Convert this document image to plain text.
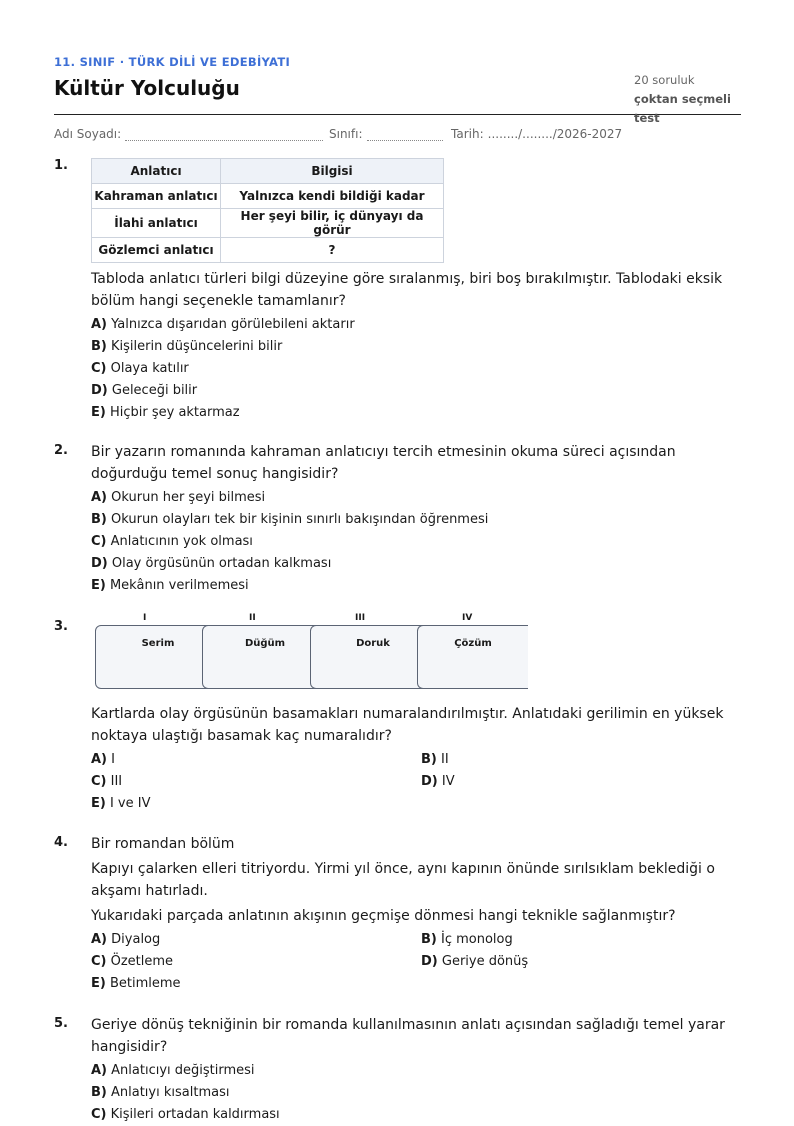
11. SINIF · TÜRK DİLİ VE EDEBİYATI
Kültür Yolculuğu	20 soruluk
çoktan seçmeli test
Adı Soyadı:	Sınıfı:	Tarih: ......../......../2026-2027
1.	Anlatıcı	Bilgisi
Kahraman anlatıcı	Yalnızca kendi bildiği kadar
İlahi anlatıcı	Her şeyi bilir, iç dünyayı da görür
Gözlemci anlatıcı	?
Tabloda anlatıcı türleri bilgi düzeyine göre sıralanmış, biri boş bırakılmıştır. Tablodaki eksik bölüm hangi seçenekle tamamlanır?
A) Yalnızca dışarıdan görülebileni aktarır
B) Kişilerin düşüncelerini bilir
C) Olaya katılır
D) Geleceği bilir
E) Hiçbir şey aktarmaz
2. Bir yazarın romanında kahraman anlatıcıyı tercih etmesinin okuma süreci açısından doğurduğu temel sonuç hangisidir?
A) Okurun her şeyi bilmesi
B) Okurun olayları tek bir kişinin sınırlı bakışından öğrenmesi
C) Anlatıcının yok olması
D) Olay örgüsünün ortadan kalkması
E) Mekânın verilmemesi
3.
I	II	III	IV
Serim	Düğüm	Doruk	Çözüm
Kartlarda olay örgüsünün basamakları numaralandırılmıştır. Anlatıdaki gerilimin en yüksek noktaya ulaştığı basamak kaç numaralıdır?
A) I	B) II
C) III	D) IV
E) I ve IV
4. Bir romandan bölüm
Kapıyı çalarken elleri titriyordu. Yirmi yıl önce, aynı kapının önünde sırılsıklam beklediği o akşamı hatırladı.
Yukarıdaki parçada anlatının akışının geçmişe dönmesi hangi teknikle sağlanmıştır?
A) Diyalog	B) İç monolog
C) Özetleme	D) Geriye dönüş
E) Betimleme
5. Geriye dönüş tekniğinin bir romanda kullanılmasının anlatı açısından sağladığı temel yarar hangisidir?
A) Anlatıcıyı değiştirmesi
B) Anlatıyı kısaltması
C) Kişileri ortadan kaldırması
